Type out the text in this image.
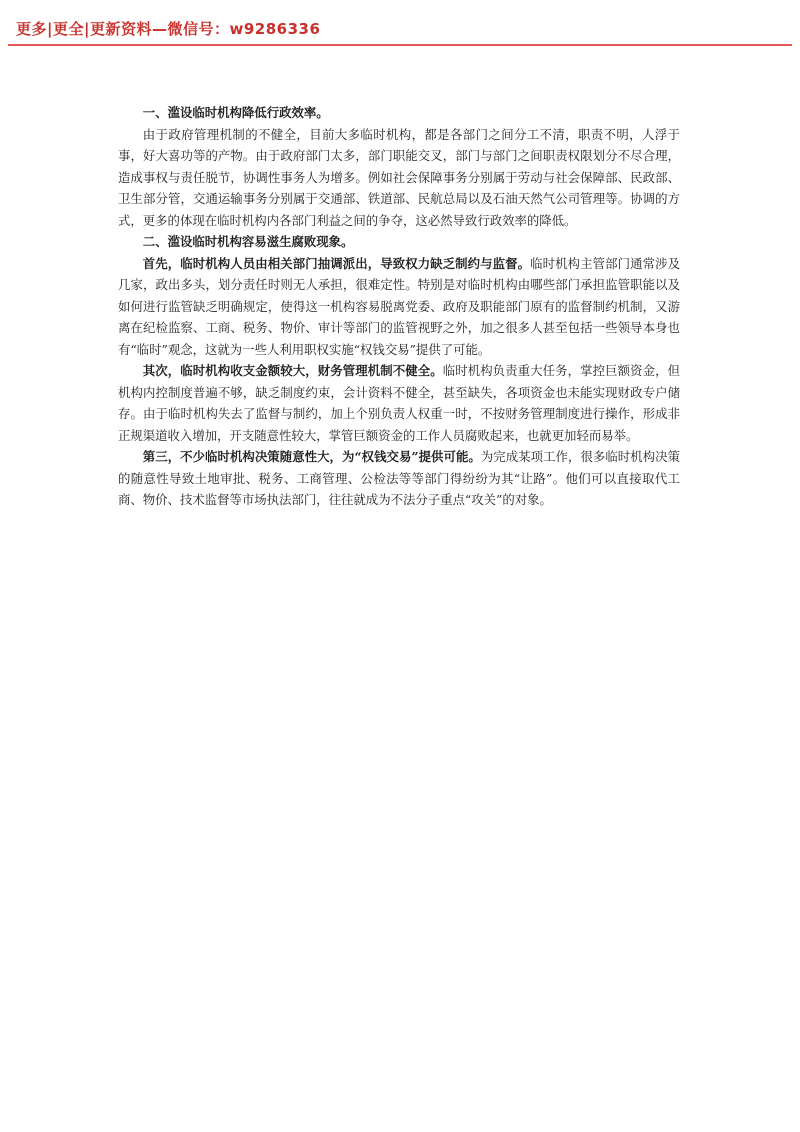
更多|更全|更新资料—微信号：w9286336

一、滥设临时机构降低行政效率。

由于政府管理机制的不健全，目前大多临时机构，都是各部门之间分工不清，职责不明，人浮于事，好大喜功等的产物。由于政府部门太多，部门职能交叉，部门与部门之间职责权限划分不尽合理，造成事权与责任脱节，协调性事务人为增多。例如社会保障事务分别属于劳动与社会保障部、民政部、卫生部分管，交通运输事务分别属于交通部、铁道部、民航总局以及石油天然气公司管理等。协调的方式，更多的体现在临时机构内各部门利益之间的争夺，这必然导致行政效率的降低。

二、滥设临时机构容易滋生腐败现象。

首先，临时机构人员由相关部门抽调派出，导致权力缺乏制约与监督。临时机构主管部门通常涉及几家，政出多头，划分责任时则无人承担，很难定性。特别是对临时机构由哪些部门承担监管职能以及如何进行监管缺乏明确规定，使得这一机构容易脱离党委、政府及职能部门原有的监督制约机制，又游离在纪检监察、工商、税务、物价、审计等部门的监管视野之外，加之很多人甚至包括一些领导本身也有“临时”观念，这就为一些人利用职权实施“权钱交易”提供了可能。

其次，临时机构收支金额较大，财务管理机制不健全。临时机构负责重大任务，掌控巨额资金，但机构内控制度普遍不够，缺乏制度约束，会计资料不健全，甚至缺失，各项资金也未能实现财政专户储存。由于临时机构失去了监督与制约，加上个别负责人权重一时，不按财务管理制度进行操作，形成非正规渠道收入增加，开支随意性较大，掌管巨额资金的工作人员腐败起来，也就更加轻而易举。

第三，不少临时机构决策随意性大，为“权钱交易”提供可能。为完成某项工作，很多临时机构决策的随意性导致土地审批、税务、工商管理、公检法等等部门得纷纷为其“让路”。他们可以直接取代工商、物价、技术监督等市场执法部门，往往就成为不法分子重点“攻关”的对象。
